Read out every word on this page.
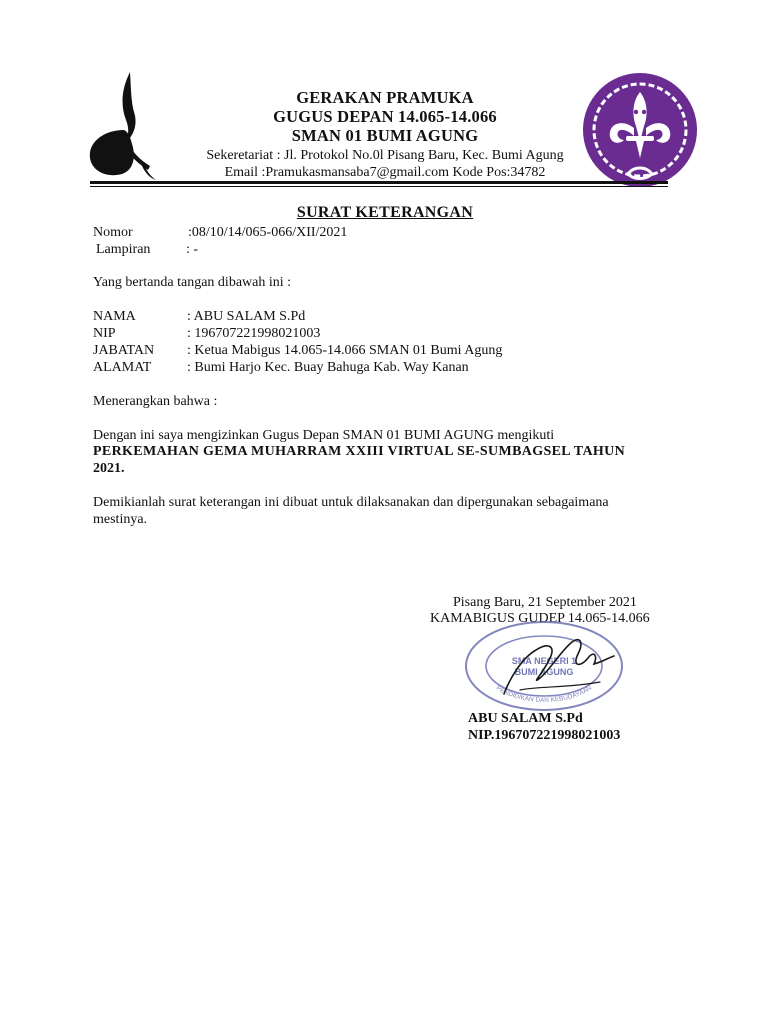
GERAKAN PRAMUKA
GUGUS DEPAN 14.065-14.066
SMAN 01 BUMI AGUNG
Sekeretariat : Jl. Protokol No.0l Pisang Baru, Kec. Bumi Agung
Email :Pramukasmansaba7@gmail.com Kode Pos:34782
SURAT KETERANGAN
Nomor	:08/10/14/065-066/XII/2021
Lampiran	: -
Yang bertanda tangan dibawah ini :
NAMA	: ABU SALAM S.Pd
NIP	: 196707221998021003
JABATAN : Ketua Mabigus 14.065-14.066 SMAN 01 Bumi Agung
ALAMAT	: Bumi Harjo Kec. Buay Bahuga Kab. Way Kanan
Menerangkan bahwa :
Dengan ini saya mengizinkan Gugus Depan SMAN 01 BUMI AGUNG mengikuti
PERKEMAHAN GEMA MUHARRAM XXIII VIRTUAL SE-SUMBAGSEL TAHUN
2021.
Demikianlah surat keterangan ini dibuat untuk dilaksanakan dan dipergunakan sebagaimana
mestinya.
Pisang Baru, 21 September 2021
KAMABIGUS GUDEP 14.065-14.066
SMA NEGERI 1
BUMI AGUNG
PENDIDIKAN DAN KEBUDAYAAN
ABU SALAM S.Pd
NIP.196707221998021003
